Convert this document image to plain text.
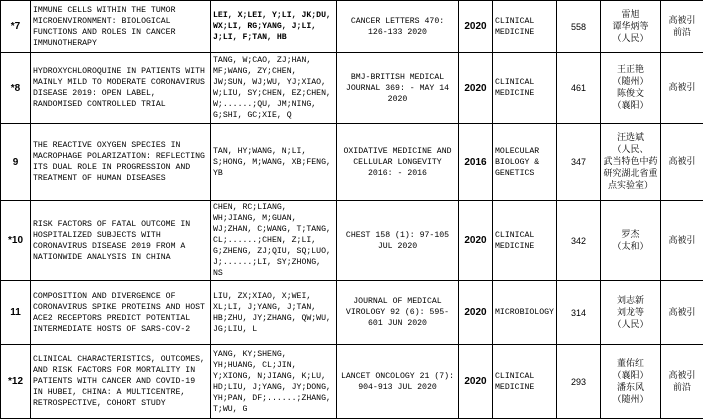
*7	IMMUNE CELLS WITHIN THE TUMOR MICROENVIRONMENT: BIOLOGICAL FUNCTIONS AND ROLES IN CANCER IMMUNOTHERAPY	LEI, X;LEI, Y;LI, JK;DU, WX;LI, RG;YANG, J;LI, J;LI, F;TAN, HB	CANCER LETTERS 470: 126-133 2020	2020	CLINICAL MEDICINE	558	雷旭
谭华炳等
（人民）	高被引
前沿
*8	HYDROXYCHLOROQUINE IN PATIENTS WITH MAINLY MILD TO MODERATE CORONAVIRUS DISEASE 2019: OPEN LABEL, RANDOMISED CONTROLLED TRIAL	TANG, W;CAO, ZJ;HAN, MF;WANG, ZY;CHEN, JW;SUN, WJ;WU, YJ;XIAO, W;LIU, SY;CHEN, EZ;CHEN, W;......;QU, JM;NING, G;SHI, GC;XIE, Q	BMJ-BRITISH MEDICAL JOURNAL 369: - MAY 14 2020	2020	CLINICAL MEDICINE	461	王正艳
（随州）
陈俊文
（襄阳）	高被引
9	THE REACTIVE OXYGEN SPECIES IN MACROPHAGE POLARIZATION: REFLECTING ITS DUAL ROLE IN PROGRESSION AND TREATMENT OF HUMAN DISEASES	TAN, HY;WANG, N;LI, S;HONG, M;WANG, XB;FENG, YB	OXIDATIVE MEDICINE AND CELLULAR LONGEVITY 2016: - 2016	2016	MOLECULAR BIOLOGY & GENETICS	347	汪选斌
（人民、
武当特色中药
研究湖北省重
点实验室）	高被引
*10	RISK FACTORS OF FATAL OUTCOME IN HOSPITALIZED SUBJECTS WITH CORONAVIRUS DISEASE 2019 FROM A NATIONWIDE ANALYSIS IN CHINA	CHEN, RC;LIANG, WH;JIANG, M;GUAN, WJ;ZHAN, C;WANG, T;TANG, CL;......;CHEN, Z;LI, G;ZHENG, ZJ;QIU, SQ;LUO, J;......;LI, SY;ZHONG, NS	CHEST 158 (1): 97-105 JUL 2020	2020	CLINICAL MEDICINE	342	罗杰
（太和）	高被引
11	COMPOSITION AND DIVERGENCE OF CORONAVIRUS SPIKE PROTEINS AND HOST ACE2 RECEPTORS PREDICT POTENTIAL INTERMEDIATE HOSTS OF SARS-COV-2	LIU, ZX;XIAO, X;WEI, XL;LI, J;YANG, J;TAN, HB;ZHU, JY;ZHANG, QW;WU, JG;LIU, L	JOURNAL OF MEDICAL VIROLOGY 92 (6): 595-601 JUN 2020	2020	MICROBIOLOGY	314	刘志新
刘龙等
（人民）	高被引
*12	CLINICAL CHARACTERISTICS, OUTCOMES, AND RISK FACTORS FOR MORTALITY IN PATIENTS WITH CANCER AND COVID-19 IN HUBEI, CHINA: A MULTICENTRE, RETROSPECTIVE, COHORT STUDY	YANG, KY;SHENG, YH;HUANG, CL;JIN, Y;XIONG, N;JIANG, K;LU, HD;LIU, J;YANG, JY;DONG, YH;PAN, DF;......;ZHANG, T;WU, G	LANCET ONCOLOGY 21 (7): 904-913 JUL 2020	2020	CLINICAL MEDICINE	293	董佑红
（襄阳）
潘东风
（随州）	高被引
前沿
